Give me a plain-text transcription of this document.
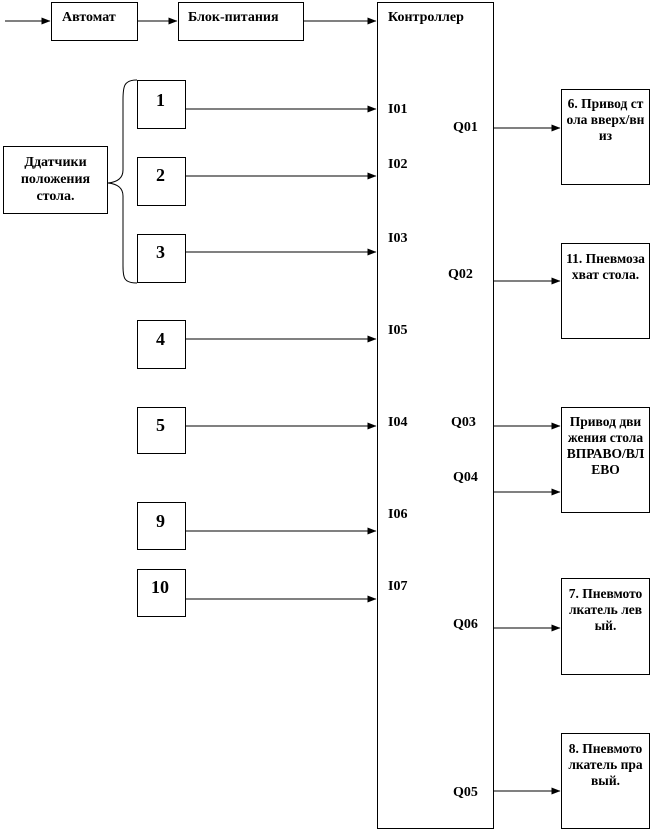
Автомат	Блок-питания	Контроллер
Ддатчики положения стола.
1	I01
2
I02
3
I03
4	I05
5	I04
9	I06
10	I07
Q01
Q02
Q03
Q04
Q06
Q05
6. Привод стола вверх/вниз
11. Пневмозахват стола.
Привод движения стола ВПРАВО/ВЛЕВО
7. Пневмотолкатель левый.
8. Пневмотолкатель правый.
